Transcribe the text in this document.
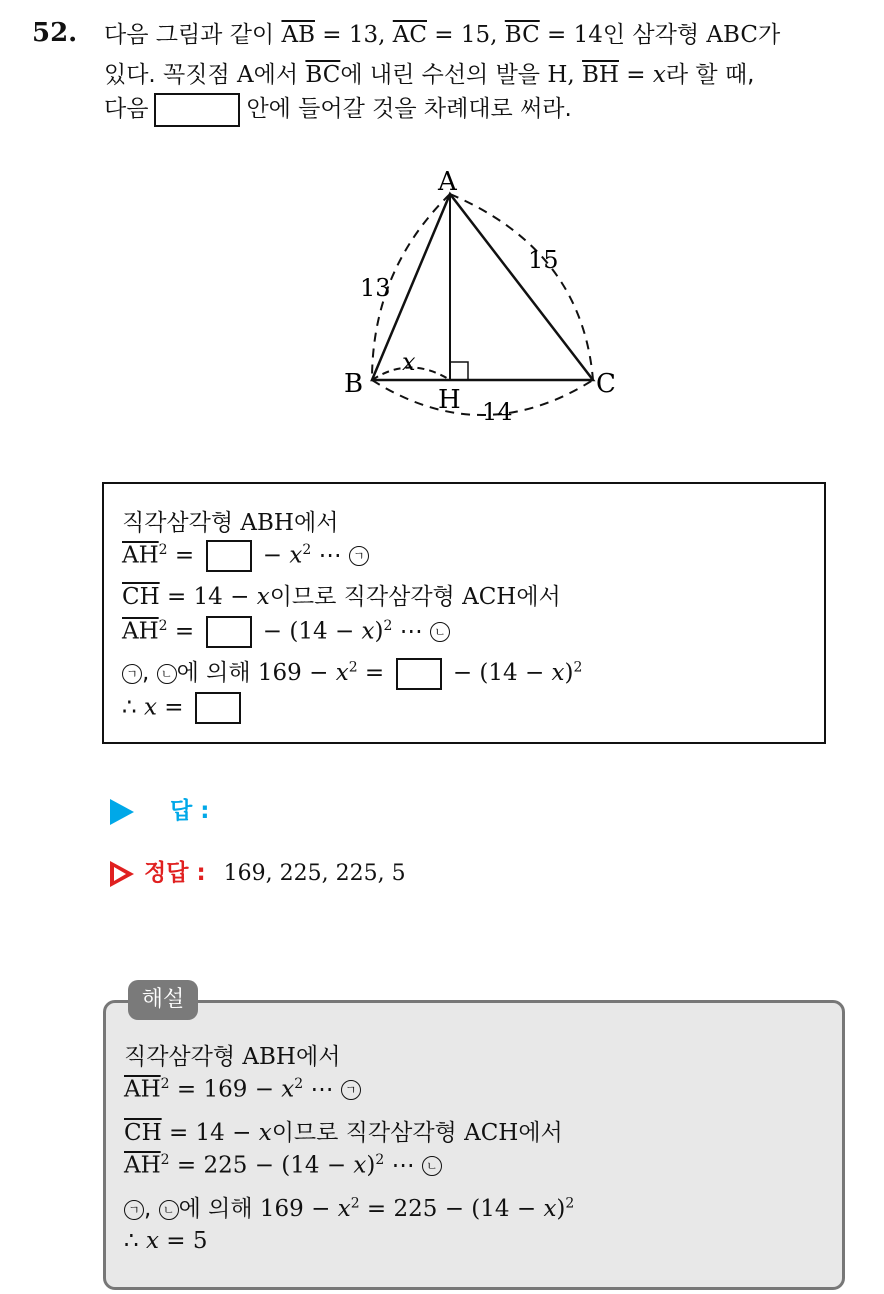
52. 다음 그림과 같이 $\overline{AB} = 13$, $\overline{AC} = 15$, $\overline{BC} = 14$인 삼각형 ABC가
있다. 꼭짓점 A에서 $\overline{BC}$에 내린 수선의 발을 H, $\overline{BH} = x$라 할 때,
다음	안에 들어갈 것을 차례대로 써라.
A
B	C
H
13
15
14
x
직각삼각형 ABH에서
$\overline{AH}^2$ =  − $x^2$ ⋯ ㄱ
$\overline{CH} = 14 - x$이므로 직각삼각형 ACH에서
$\overline{AH}^2$ =  − $(14 - x)^2$ ⋯ ㄴ
ㄱ , ㄴ 에 의해 $169 - x^2$ =  − $(14 - x)^2$
∴ x =
답 :
정답 : 169, 225, 225, 5
해설
직각삼각형 ABH에서
$\overline{AH}^2 = 169 - x^2$ ⋯ ㄱ
$\overline{CH} = 14 - x$이므로 직각삼각형 ACH에서
$\overline{AH}^2 = 225 - (14 - x)^2$ ⋯ ㄴ
ㄱ , ㄴ 에 의해 $169 - x^2 = 225 - (14 - x)^2$
∴ x = 5
